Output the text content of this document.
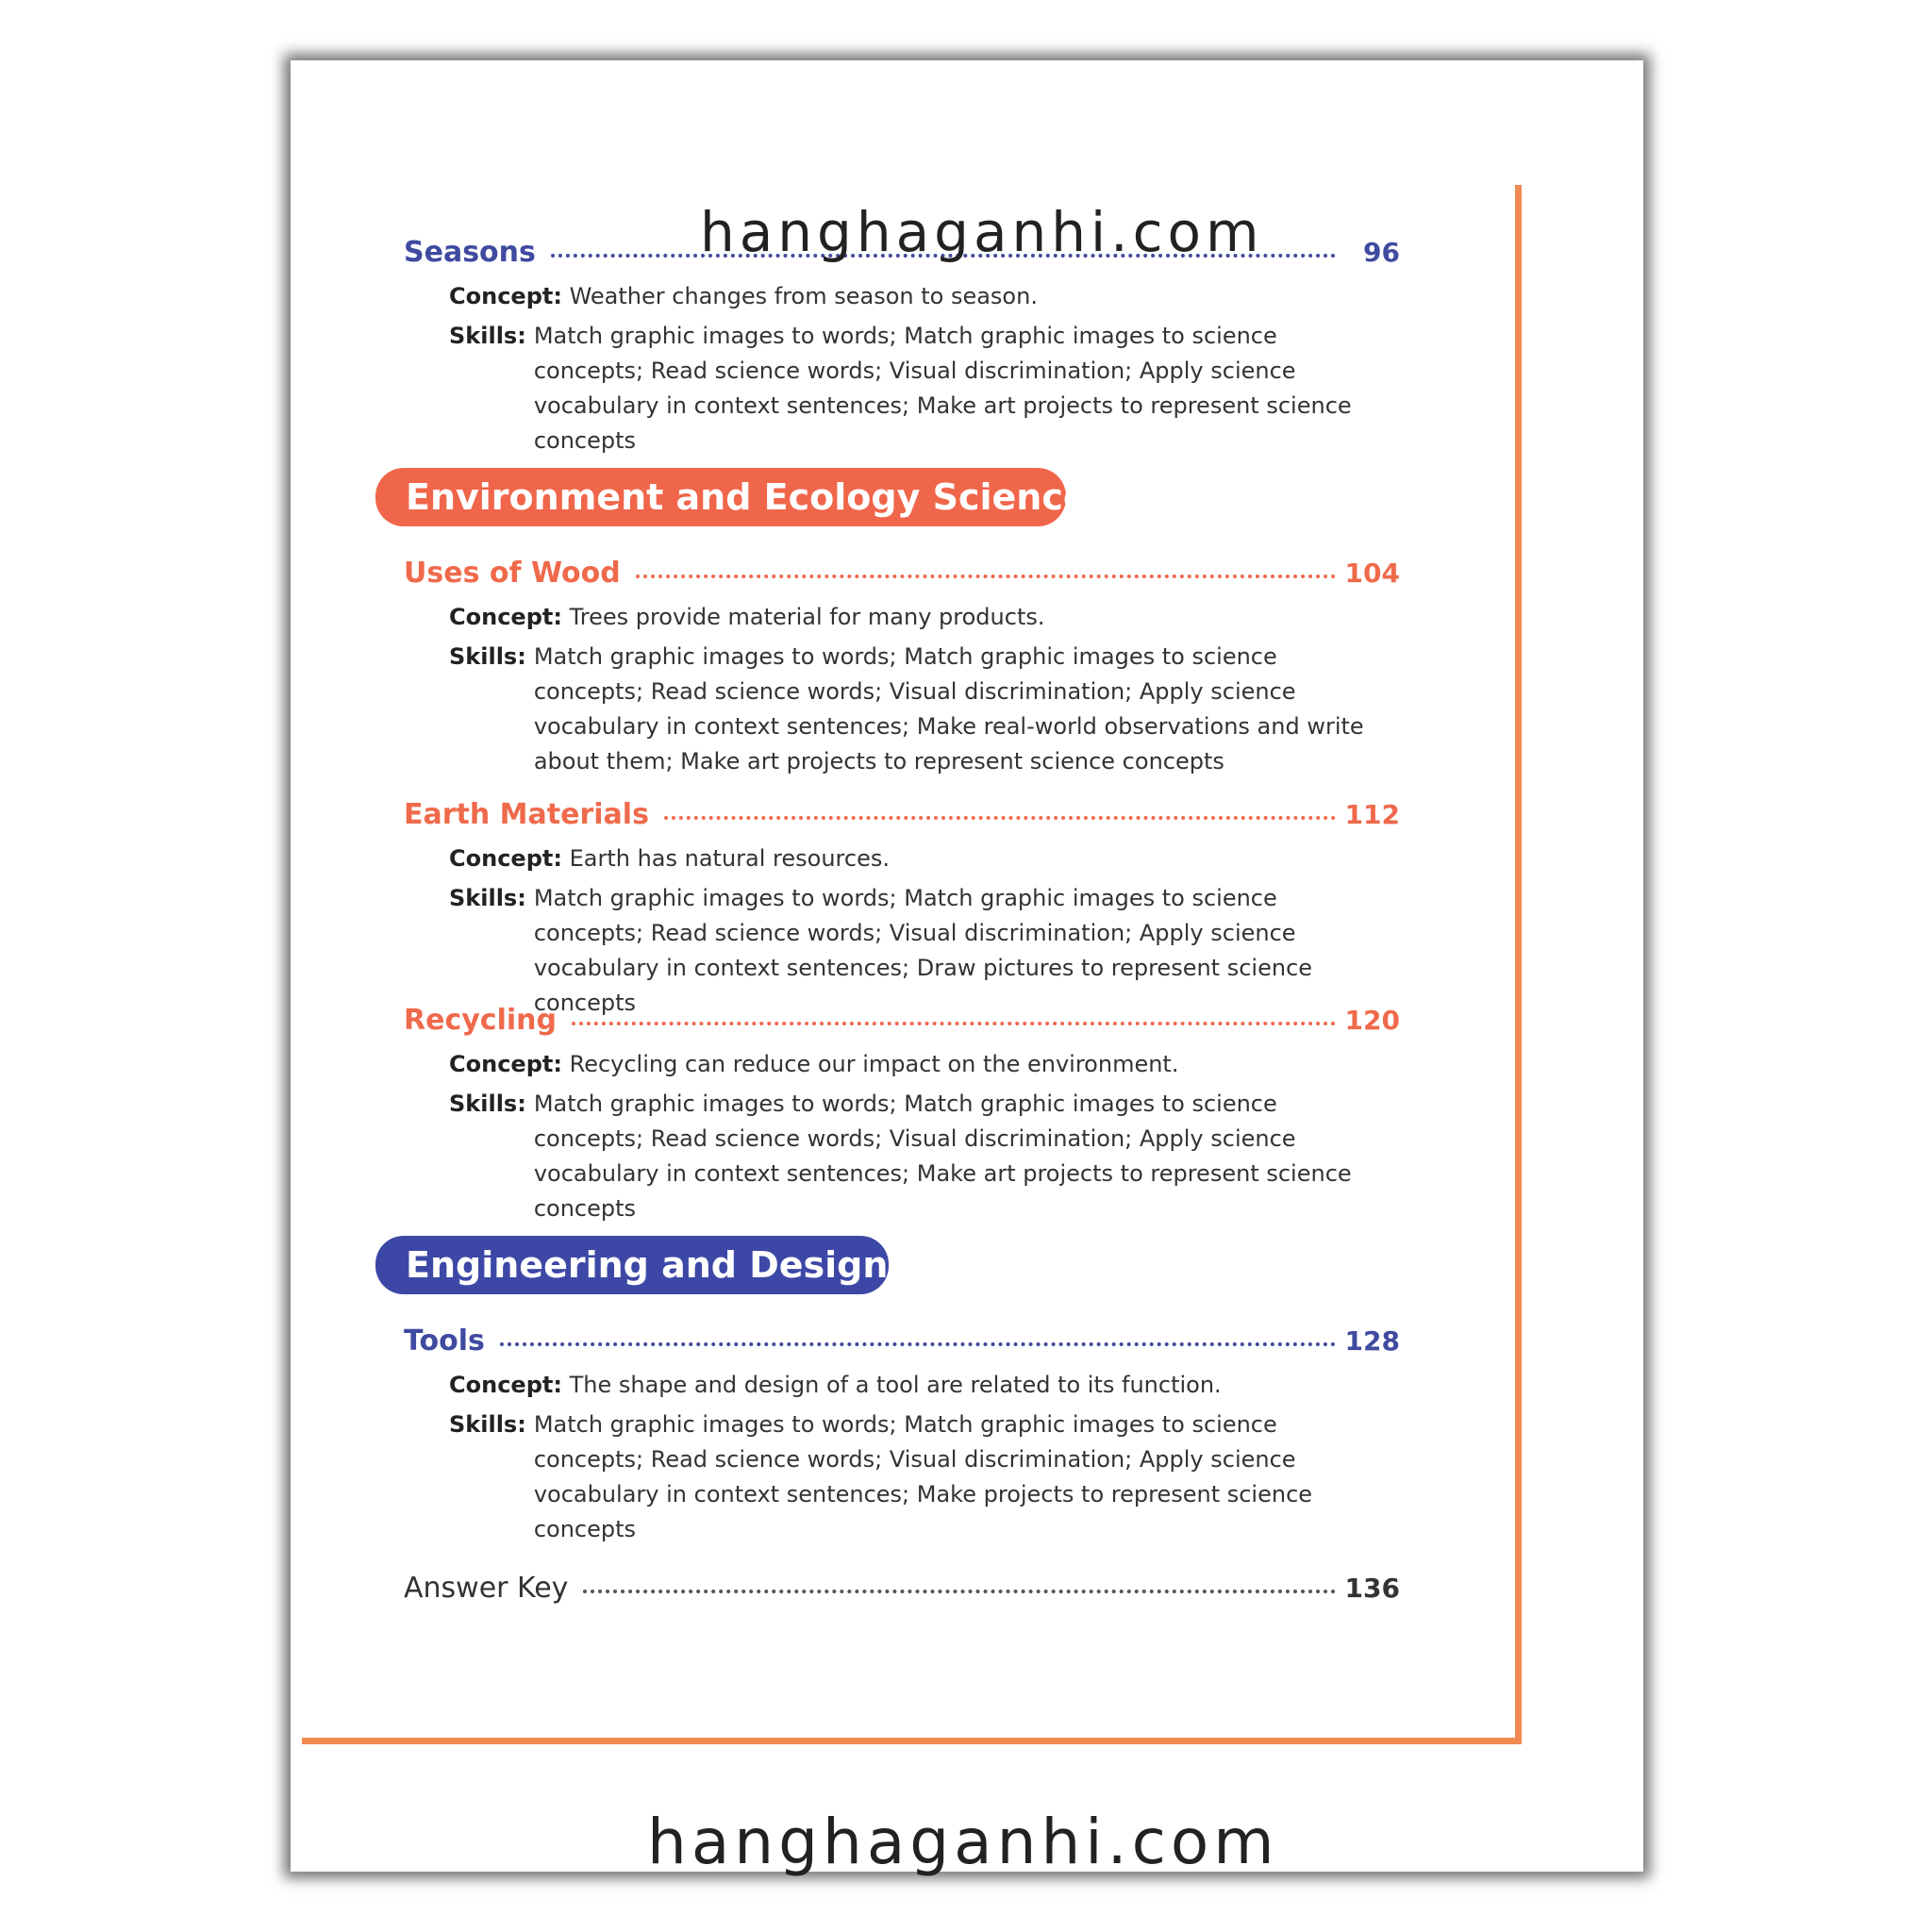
Seasons	96
Concept: Weather changes from season to season.
Skills: Match graphic images to words; Match graphic images to science concepts; Read science words; Visual discrimination; Apply science vocabulary in context sentences; Make art projects to represent science concepts
Environment and Ecology Science
Uses of Wood	104
Concept: Trees provide material for many products.
Skills: Match graphic images to words; Match graphic images to science concepts; Read science words; Visual discrimination; Apply science vocabulary in context sentences; Make real-world observations and write about them; Make art projects to represent science concepts
Earth Materials	112
Concept: Earth has natural resources.
Skills: Match graphic images to words; Match graphic images to science concepts; Read science words; Visual discrimination; Apply science vocabulary in context sentences; Draw pictures to represent science concepts
Recycling	120
Concept: Recycling can reduce our impact on the environment.
Skills: Match graphic images to words; Match graphic images to science concepts; Read science words; Visual discrimination; Apply science vocabulary in context sentences; Make art projects to represent science concepts
Engineering and Design
Tools	128
Concept: The shape and design of a tool are related to its function.
Skills: Match graphic images to words; Match graphic images to science concepts; Read science words; Visual discrimination; Apply science vocabulary in context sentences; Make projects to represent science concepts
Answer Key	136
hanghaganhi.com
hanghaganhi.com
